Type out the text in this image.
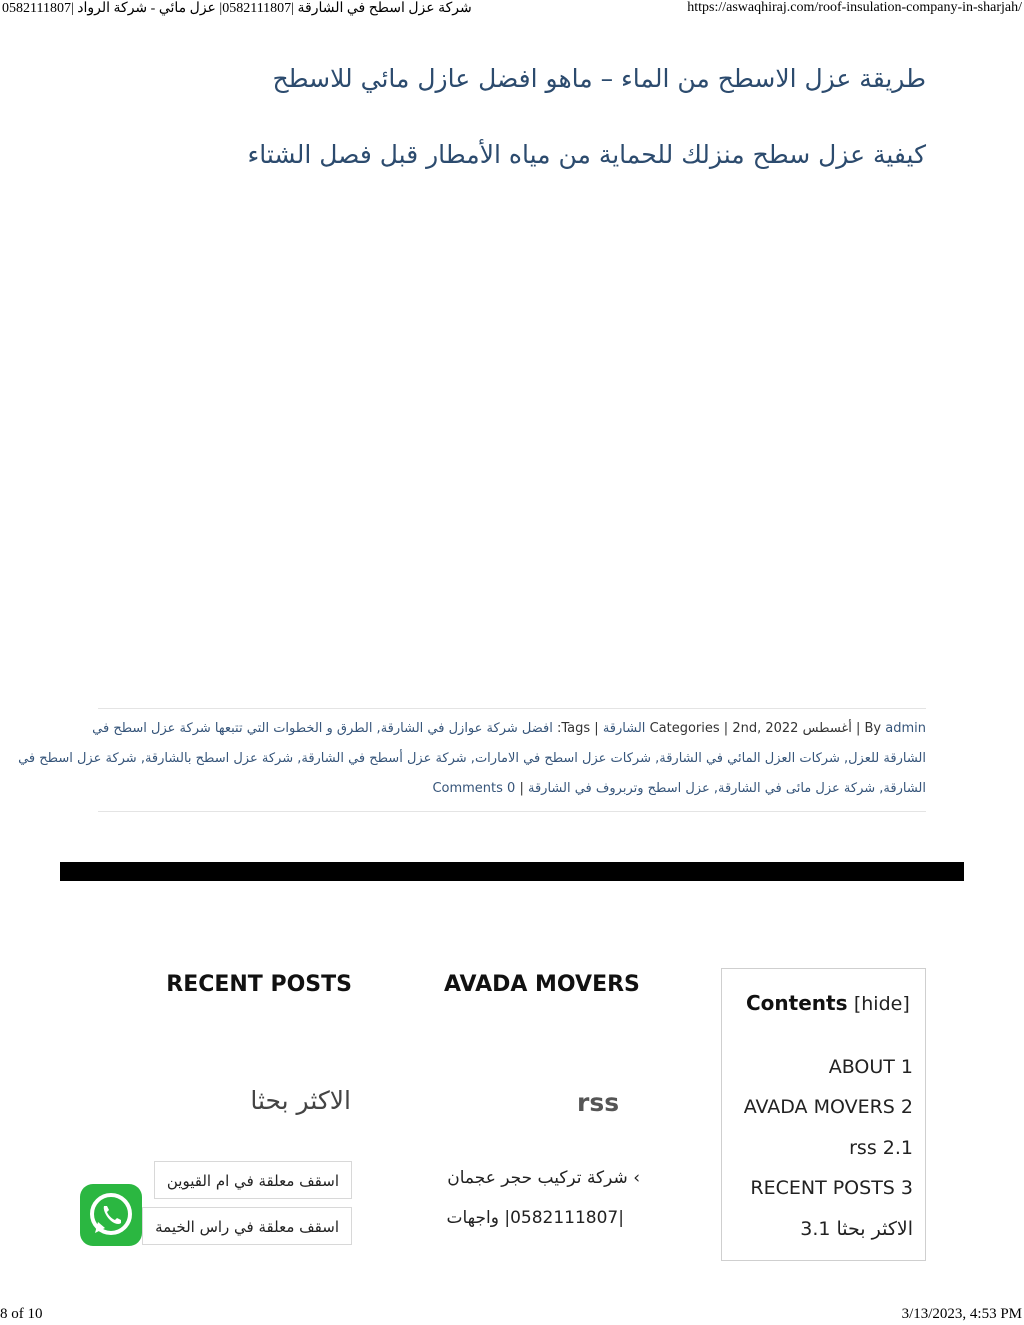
شركة عزل اسطح في الشارقة |0582111807| عزل مائي - شركة الرواد |0582111807	https://aswaqhiraj.com/roof-insulation-company-in-sharjah/
طريقة عزل الاسطح من الماء – ماهو افضل عازل مائي للاسطح
كيفية عزل سطح منزلك للحماية من مياه الأمطار قبل فصل الشتاء
By admin | أغسطس Categories | 2nd, 2022 الشارقة | Tags: افضل شركة عوازل في الشارقة, الطرق و الخطوات التي تتبعها شركة عزل اسطح في
الشارقة للعزل, شركات العزل المائي في الشارقة, شركات عزل اسطح في الامارات, شركة عزل أسطح في الشارقة, شركة عزل اسطح بالشارقة, شركة عزل اسطح في
الشارقة, شركة عزل مائى في الشارقة, عزل اسطح وتربروف في الشارقة | 0 Comments
RECENT POSTS
الاكثر بحثا
اسقف معلقة في ام القيوين
اسقف معلقة في راس الخيمة
AVADA MOVERS
rss
› شركة تركيب حجر عجمان
|0582111807| واجهات
Contents [hide]
ABOUT 1
AVADA MOVERS 2
rss 2.1
RECENT POSTS 3
3.1 الاكثر بحثا
8 of 10	3/13/2023, 4:53 PM
